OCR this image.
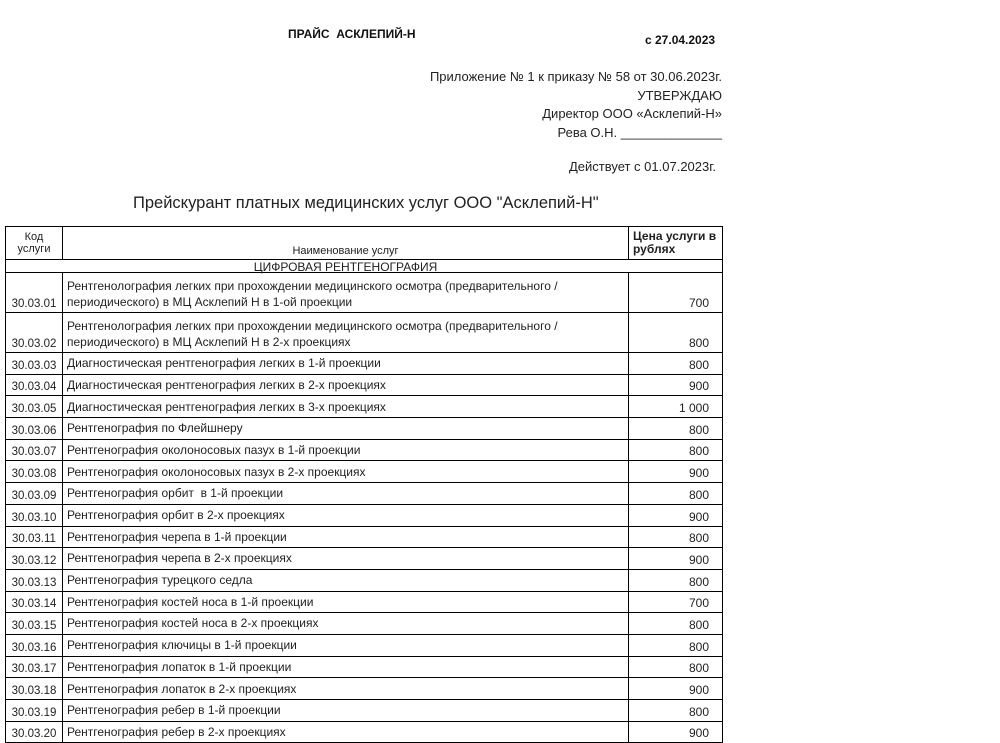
ПРАЙС  АСКЛЕПИЙ-Н	с 27.04.2023
Приложение № 1 к приказу № 58 от 30.06.2023г.
УТВЕРЖДАЮ
Директор ООО «Асклепий-Н»
Рева О.Н. ______________
Действует с 01.07.2023г.
Прейскурант платных медицинских услуг ООО "Асклепий-Н"
Код услуги	Наименование услуг	Цена услуги в рублях

ЦИФРОВАЯ РЕНТГЕНОГРАФИЯ		

30.03.01	Рентгенолография легких при прохождении медицинского осмотра (предварительного / периодического) в МЦ Асклепий Н в 1-ой проекции	700
30.03.02	Рентгенолография легких при прохождении медицинского осмотра (предварительного / периодического) в МЦ Асклепий Н в 2-х проекциях	800
30.03.03	Диагностическая рентгенография легких в 1-й проекции	800
30.03.04	Диагностическая рентгенография легких в 2-х проекциях	900
30.03.05	Диагностическая рентгенография легких в 3-х проекциях	1 000
30.03.06	Рентгенография по Флейшнеру	800
30.03.07	Рентгенография околоносовых пазух в 1-й проекции	800
30.03.08	Рентгенография околоносовых пазух в 2-х проекциях	900
30.03.09	Рентгенография орбит  в 1-й проекции	800
30.03.10	Рентгенография орбит в 2-х проекциях	900
30.03.11	Рентгенография черепа в 1-й проекции	800
30.03.12	Рентгенография черепа в 2-х проекциях	900
30.03.13	Рентгенография турецкого седла	800
30.03.14	Рентгенография костей носа в 1-й проекции	700
30.03.15	Рентгенография костей носа в 2-х проекциях	800
30.03.16	Рентгенография ключицы в 1-й проекции	800
30.03.17	Рентгенография лопаток в 1-й проекции	800
30.03.18	Рентгенография лопаток в 2-х проекциях	900
30.03.19	Рентгенография ребер в 1-й проекции	800
30.03.20	Рентгенография ребер в 2-х проекциях	900
